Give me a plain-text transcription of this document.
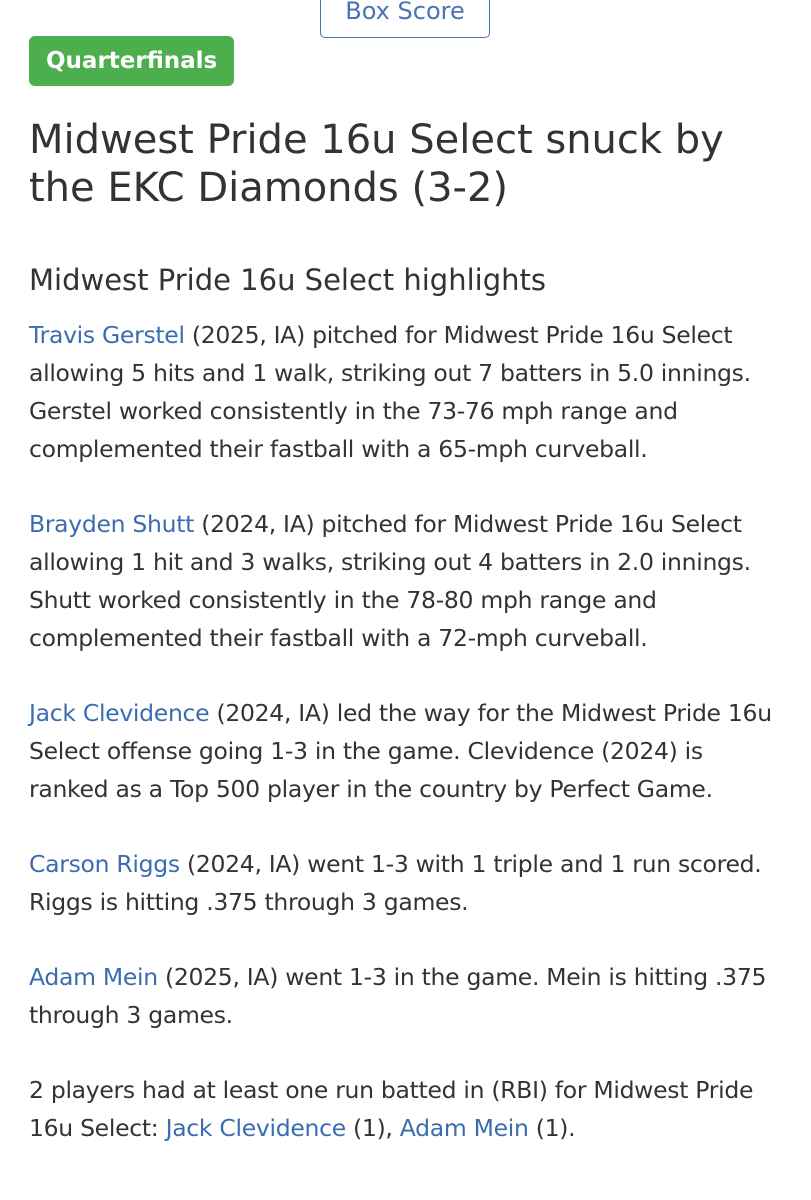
Box Score
Quarterfinals
Midwest Pride 16u Select snuck by the EKC Diamonds (3-2)
Midwest Pride 16u Select highlights

Travis Gerstel (2025, IA) pitched for Midwest Pride 16u Select allowing 5 hits and 1 walk, striking out 7 batters in 5.0 innings. Gerstel worked consistently in the 73-76 mph range and complemented their fastball with a 65-mph curveball.

Brayden Shutt (2024, IA) pitched for Midwest Pride 16u Select allowing 1 hit and 3 walks, striking out 4 batters in 2.0 innings. Shutt worked consistently in the 78-80 mph range and complemented their fastball with a 72-mph curveball.

Jack Clevidence (2024, IA) led the way for the Midwest Pride 16u Select offense going 1-3 in the game. Clevidence (2024) is ranked as a Top 500 player in the country by Perfect Game.

Carson Riggs (2024, IA) went 1-3 with 1 triple and 1 run scored. Riggs is hitting .375 through 3 games.

Adam Mein (2025, IA) went 1-3 in the game. Mein is hitting .375 through 3 games.

2 players had at least one run batted in (RBI) for Midwest Pride 16u Select: Jack Clevidence (1), Adam Mein (1).
